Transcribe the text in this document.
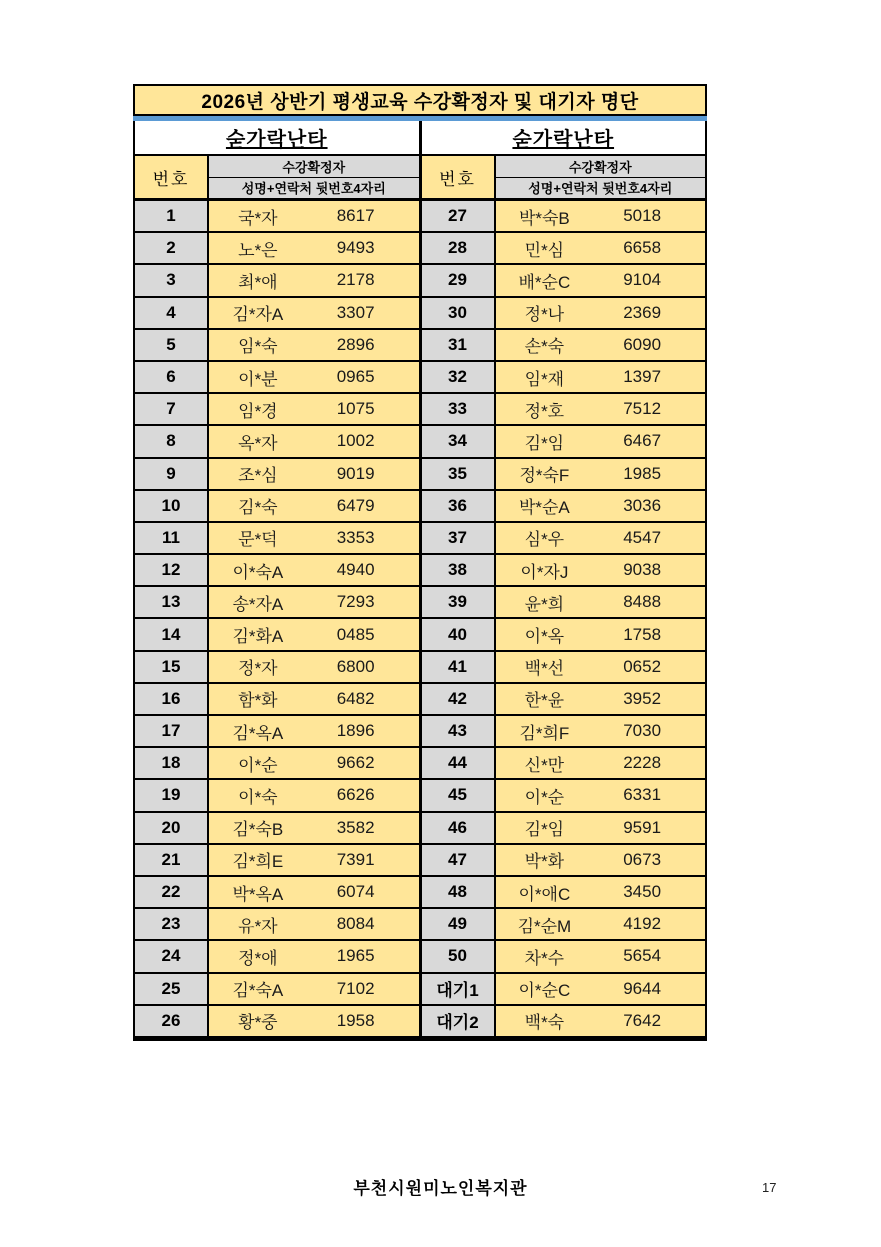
2026년 상반기 평생교육 수강확정자 및 대기자 명단
숟가락난타
번호
수강확정자
성명+연락처 뒷번호4자리
1	국*자	8617
2	노*은	9493
3	최*애	2178
4	김*자A	3307
5	임*숙	2896
6	이*분	0965
7	임*경	1075
8	옥*자	1002
9	조*심	9019
10	김*숙	6479
11	문*덕	3353
12	이*숙A	4940
13	송*자A	7293
14	김*화A	0485
15	정*자	6800
16	함*화	6482
17	김*옥A	1896
18	이*순	9662
19	이*숙	6626
20	김*숙B	3582
21	김*희E	7391
22	박*옥A	6074
23	유*자	8084
24	정*애	1965
25	김*숙A	7102
26	황*중	1958
숟가락난타
번호
수강확정자
성명+연락처 뒷번호4자리
27	박*숙B	5018
28	민*심	6658
29	배*순C	9104
30	정*나	2369
31	손*숙	6090
32	임*재	1397
33	정*호	7512
34	김*임	6467
35	정*숙F	1985
36	박*순A	3036
37	심*우	4547
38	이*자J	9038
39	윤*희	8488
40	이*옥	1758
41	백*선	0652
42	한*윤	3952
43	김*희F	7030
44	신*만	2228
45	이*순	6331
46	김*임	9591
47	박*화	0673
48	이*애C	3450
49	김*순M	4192
50	차*수	5654
대기1	이*순C	9644
대기2	백*숙	7642
부천시원미노인복지관	17
